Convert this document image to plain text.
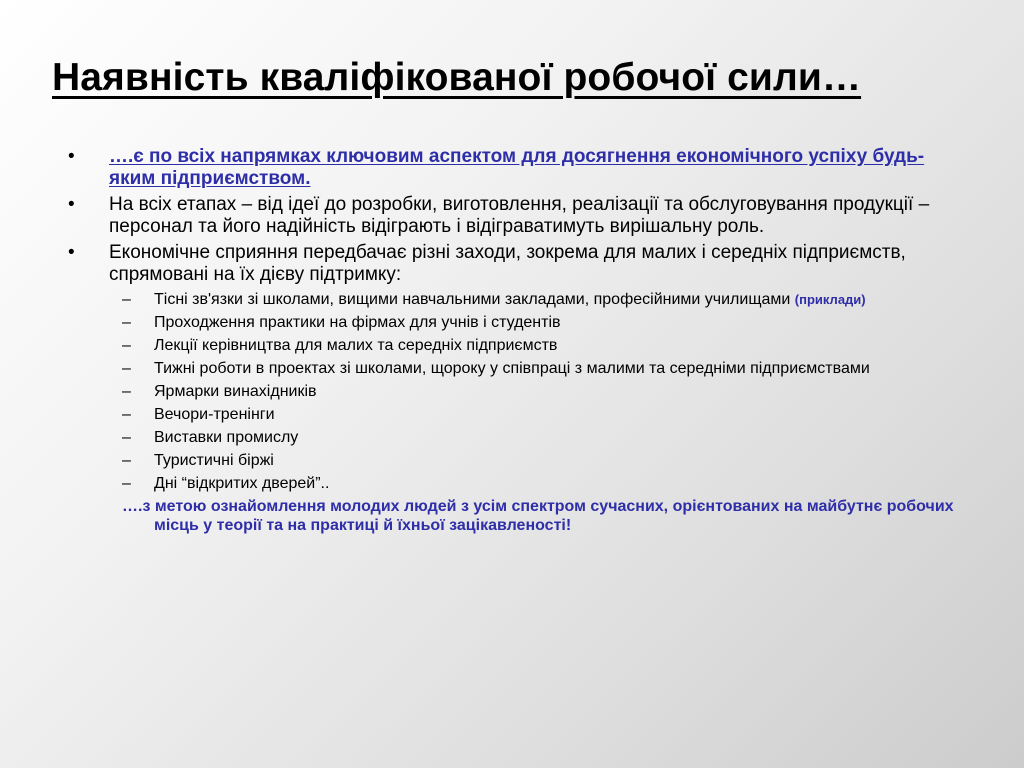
Наявність кваліфікованої робочої сили…
•	….є по всіх напрямках ключовим аспектом для досягнення економічного успіху будь-яким підприємством.
•	На всіх етапах – від ідеї до розробки, виготовлення, реалізації та обслуговування продукції – персонал та його надійність відіграють і відіграватимуть вирішальну роль.
•	Економічне сприяння передбачає різні заходи, зокрема для малих і середніх підприємств, спрямовані на їх дієву підтримку:
– Тісні зв'язки зі школами, вищими навчальними закладами, професійними училищами (приклади)
– Проходження практики на фірмах для учнів і студентів
– Лекції керівництва для малих та середніх підприємств
– Тижні роботи в проектах зі школами, щороку у співпраці з малими та середніми підприємствами
– Ярмарки винахідників
– Вечори-тренінги
– Виставки промислу
– Туристичні біржі
– Дні “відкритих дверей”..
….з метою ознайомлення молодих людей з усім спектром сучасних, орієнтованих на майбутнє робочих місць у теорії та на практиці й їхньої зацікавленості!
